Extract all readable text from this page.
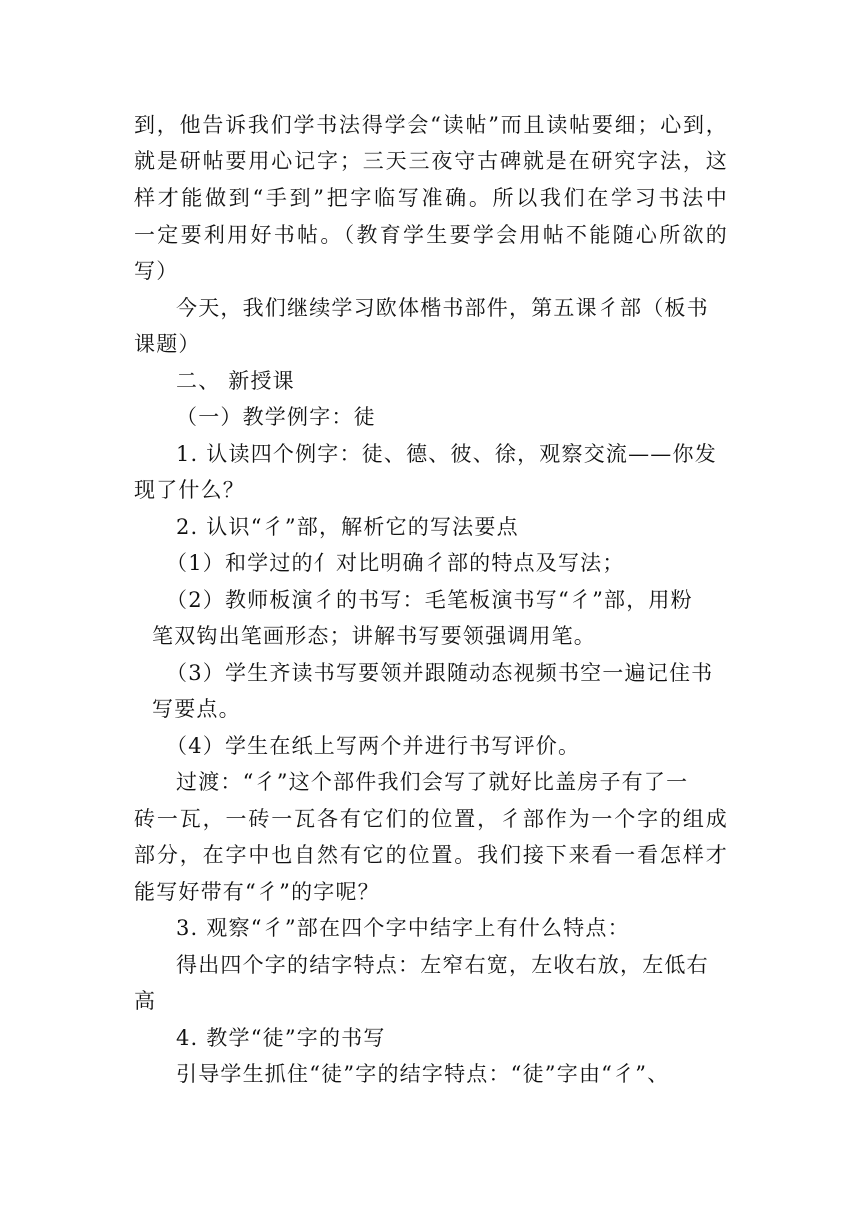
到，他告诉我们学书法得学会“读帖”而且读帖要细；心到，
就是研帖要用心记字；三天三夜守古碑就是在研究字法，这
样才能做到“手到”把字临写准确。所以我们在学习书法中
一定要利用好书帖。（教育学生要学会用帖不能随心所欲的
写）
今天，我们继续学习欧体楷书部件，第五课彳部（板书
课题）
二、 新授课
（一）教学例字：徒
1. 认读四个例字：徒、德、彼、徐，观察交流——你发
现了什么？
2. 认识“彳”部，解析它的写法要点
（1）和学过的亻对比明确彳部的特点及写法；
（2）教师板演彳的书写：毛笔板演书写“彳”部，用粉
笔双钩出笔画形态；讲解书写要领强调用笔。
（3）学生齐读书写要领并跟随动态视频书空一遍记住书
写要点。
（4）学生在纸上写两个并进行书写评价。
过渡：“彳”这个部件我们会写了就好比盖房子有了一
砖一瓦，一砖一瓦各有它们的位置，彳部作为一个字的组成
部分，在字中也自然有它的位置。我们接下来看一看怎样才
能写好带有“彳”的字呢？
3. 观察“彳”部在四个字中结字上有什么特点：
得出四个字的结字特点：左窄右宽，左收右放，左低右
高
4. 教学“徒”字的书写
引导学生抓住“徒”字的结字特点：“徒”字由“彳”、
